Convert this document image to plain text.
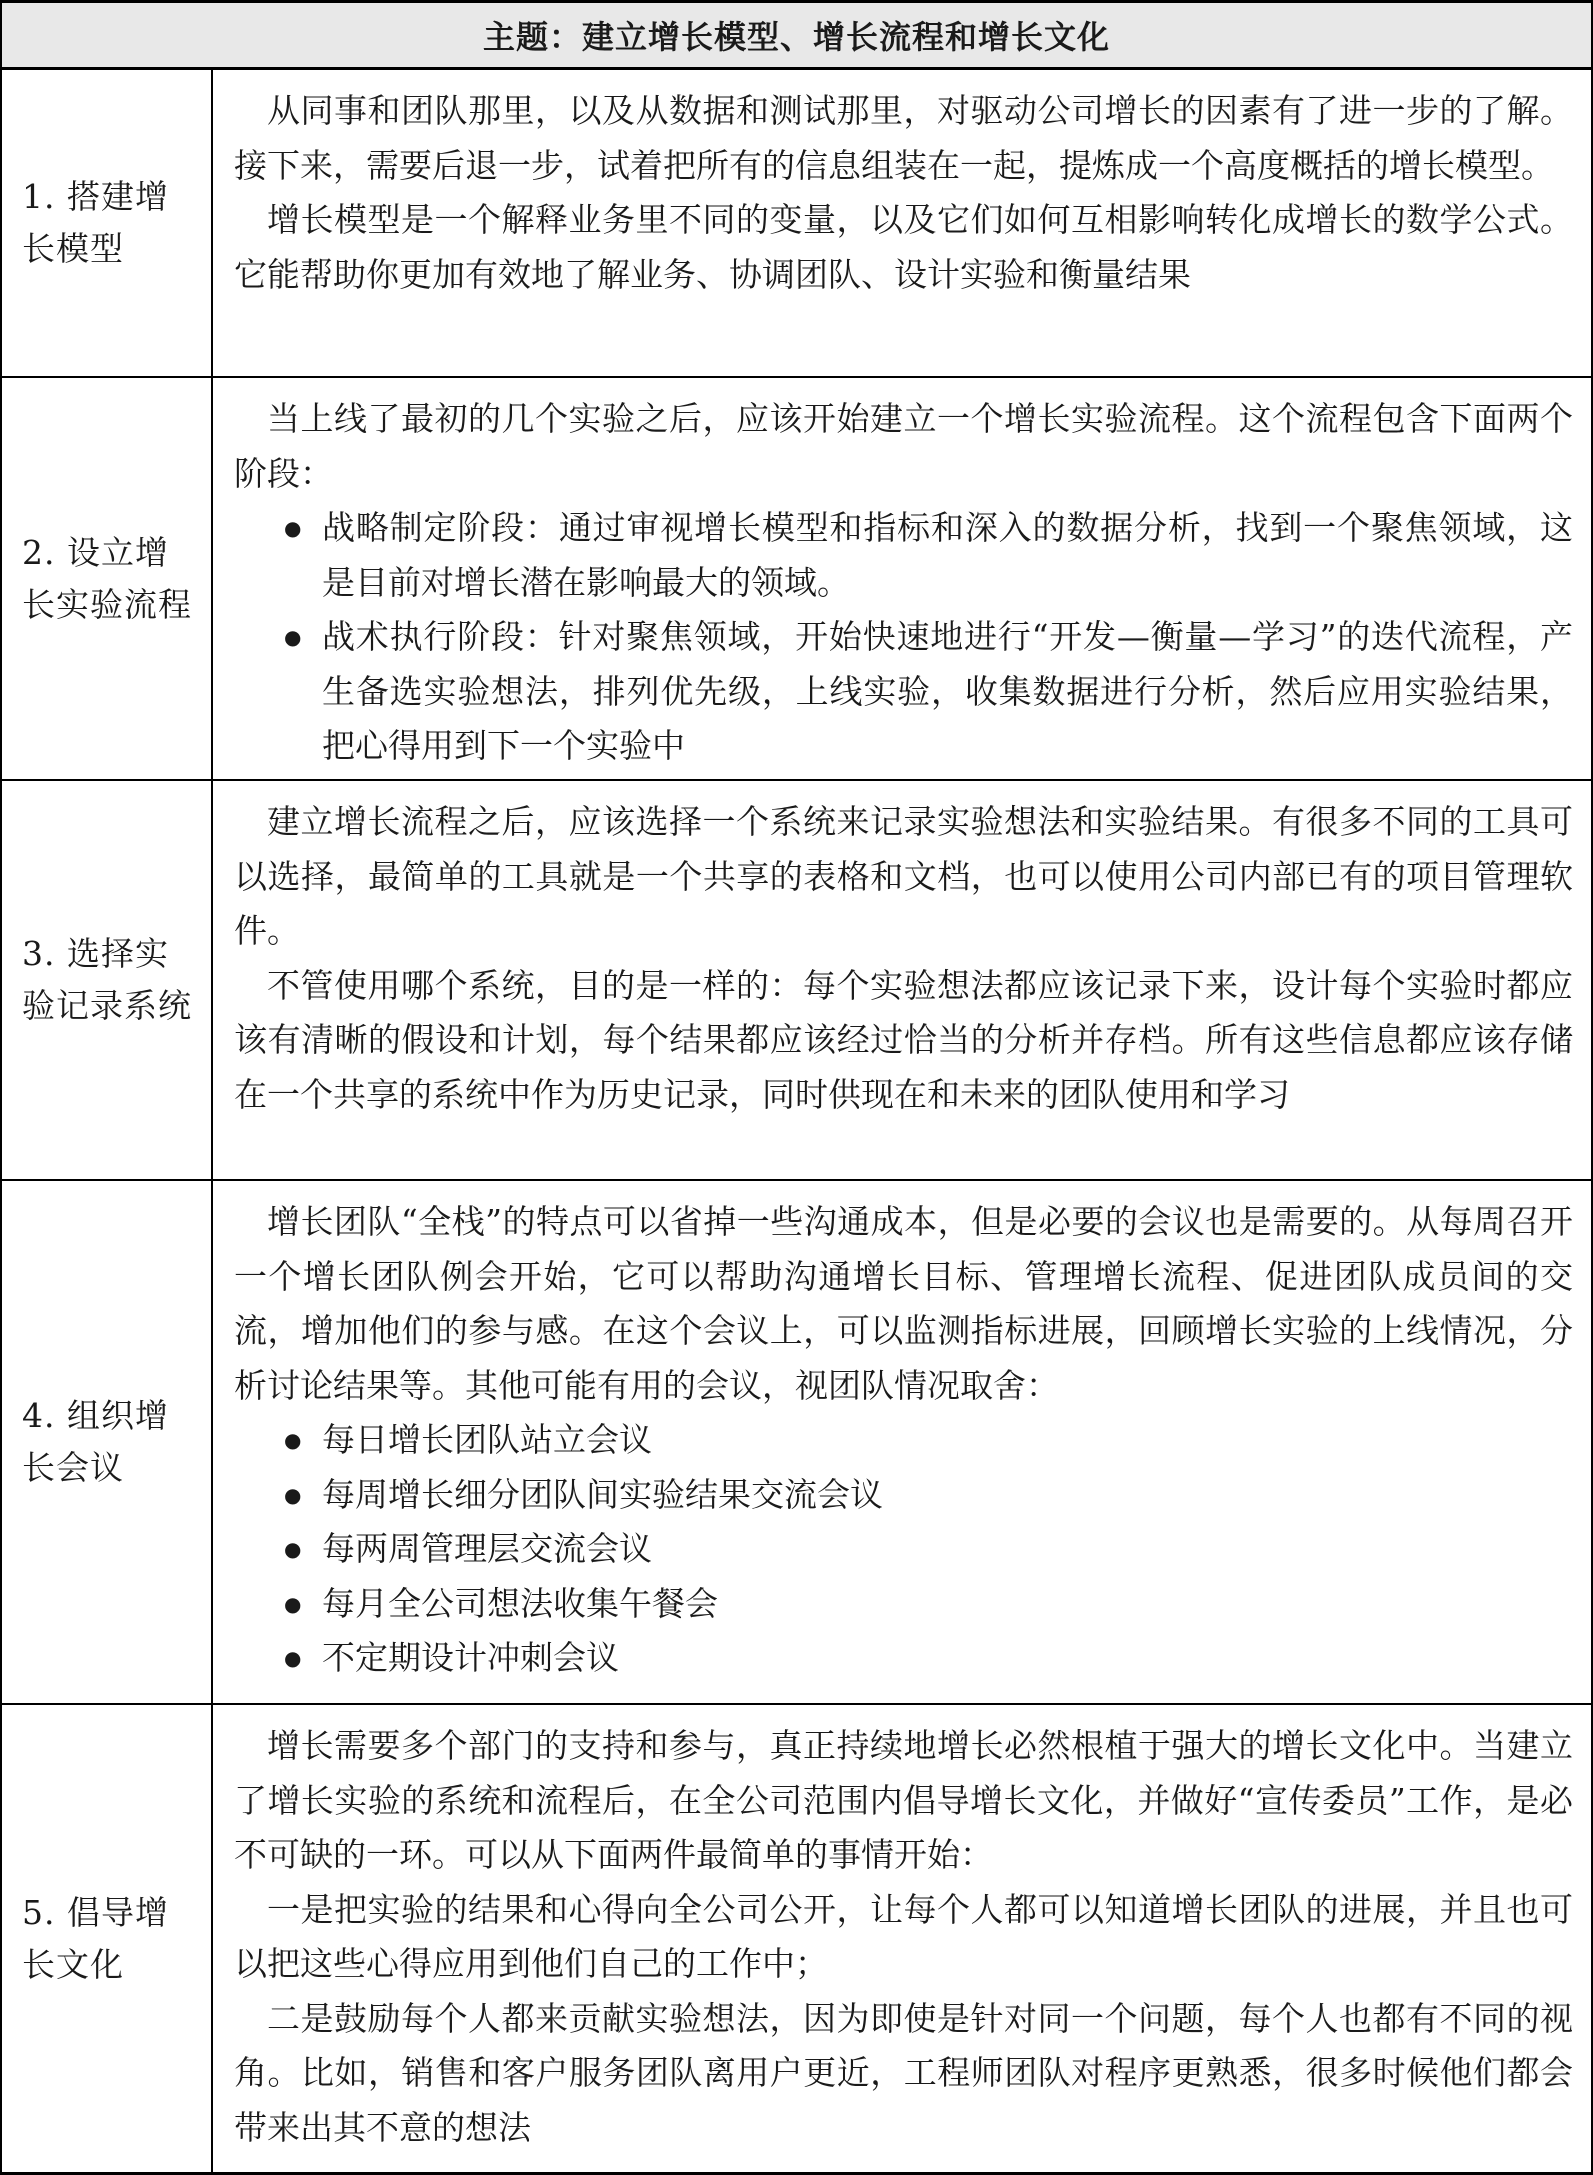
主题：建立增长模型、增长流程和增长文化
1. 搭建增长模型

从同事和团队那里，以及从数据和测试那里，对驱动公司增长的因素有了进一步的了解。接下来，需要后退一步，试着把所有的信息组装在一起，提炼成一个高度概括的增长模型。

增长模型是一个解释业务里不同的变量，以及它们如何互相影响转化成增长的数学公式。它能帮助你更加有效地了解业务、协调团队、设计实验和衡量结果

2. 设立增长实验流程

当上线了最初的几个实验之后，应该开始建立一个增长实验流程。这个流程包含下面两个阶段：

● 战略制定阶段：通过审视增长模型和指标和深入的数据分析，找到一个聚焦领域，这是目前对增长潜在影响最大的领域。
● 战术执行阶段：针对聚焦领域，开始快速地进行“开发—衡量—学习”的迭代流程，产生备选实验想法，排列优先级，上线实验，收集数据进行分析，然后应用实验结果，把心得用到下一个实验中
3. 选择实验记录系统

建立增长流程之后，应该选择一个系统来记录实验想法和实验结果。有很多不同的工具可以选择，最简单的工具就是一个共享的表格和文档，也可以使用公司内部已有的项目管理软件。

不管使用哪个系统，目的是一样的：每个实验想法都应该记录下来，设计每个实验时都应该有清晰的假设和计划，每个结果都应该经过恰当的分析并存档。所有这些信息都应该存储在一个共享的系统中作为历史记录，同时供现在和未来的团队使用和学习

4. 组织增长会议

增长团队“全栈”的特点可以省掉一些沟通成本，但是必要的会议也是需要的。从每周召开一个增长团队例会开始，它可以帮助沟通增长目标、管理增长流程、促进团队成员间的交流，增加他们的参与感。在这个会议上，可以监测指标进展，回顾增长实验的上线情况，分析讨论结果等。其他可能有用的会议，视团队情况取舍：

● 每日增长团队站立会议
● 每周增长细分团队间实验结果交流会议
● 每两周管理层交流会议
● 每月全公司想法收集午餐会
● 不定期设计冲刺会议
5. 倡导增长文化

增长需要多个部门的支持和参与，真正持续地增长必然根植于强大的增长文化中。当建立了增长实验的系统和流程后，在全公司范围内倡导增长文化，并做好“宣传委员”工作，是必不可缺的一环。可以从下面两件最简单的事情开始：

一是把实验的结果和心得向全公司公开，让每个人都可以知道增长团队的进展，并且也可以把这些心得应用到他们自己的工作中；

二是鼓励每个人都来贡献实验想法，因为即使是针对同一个问题，每个人也都有不同的视角。比如，销售和客户服务团队离用户更近，工程师团队对程序更熟悉，很多时候他们都会带来出其不意的想法
